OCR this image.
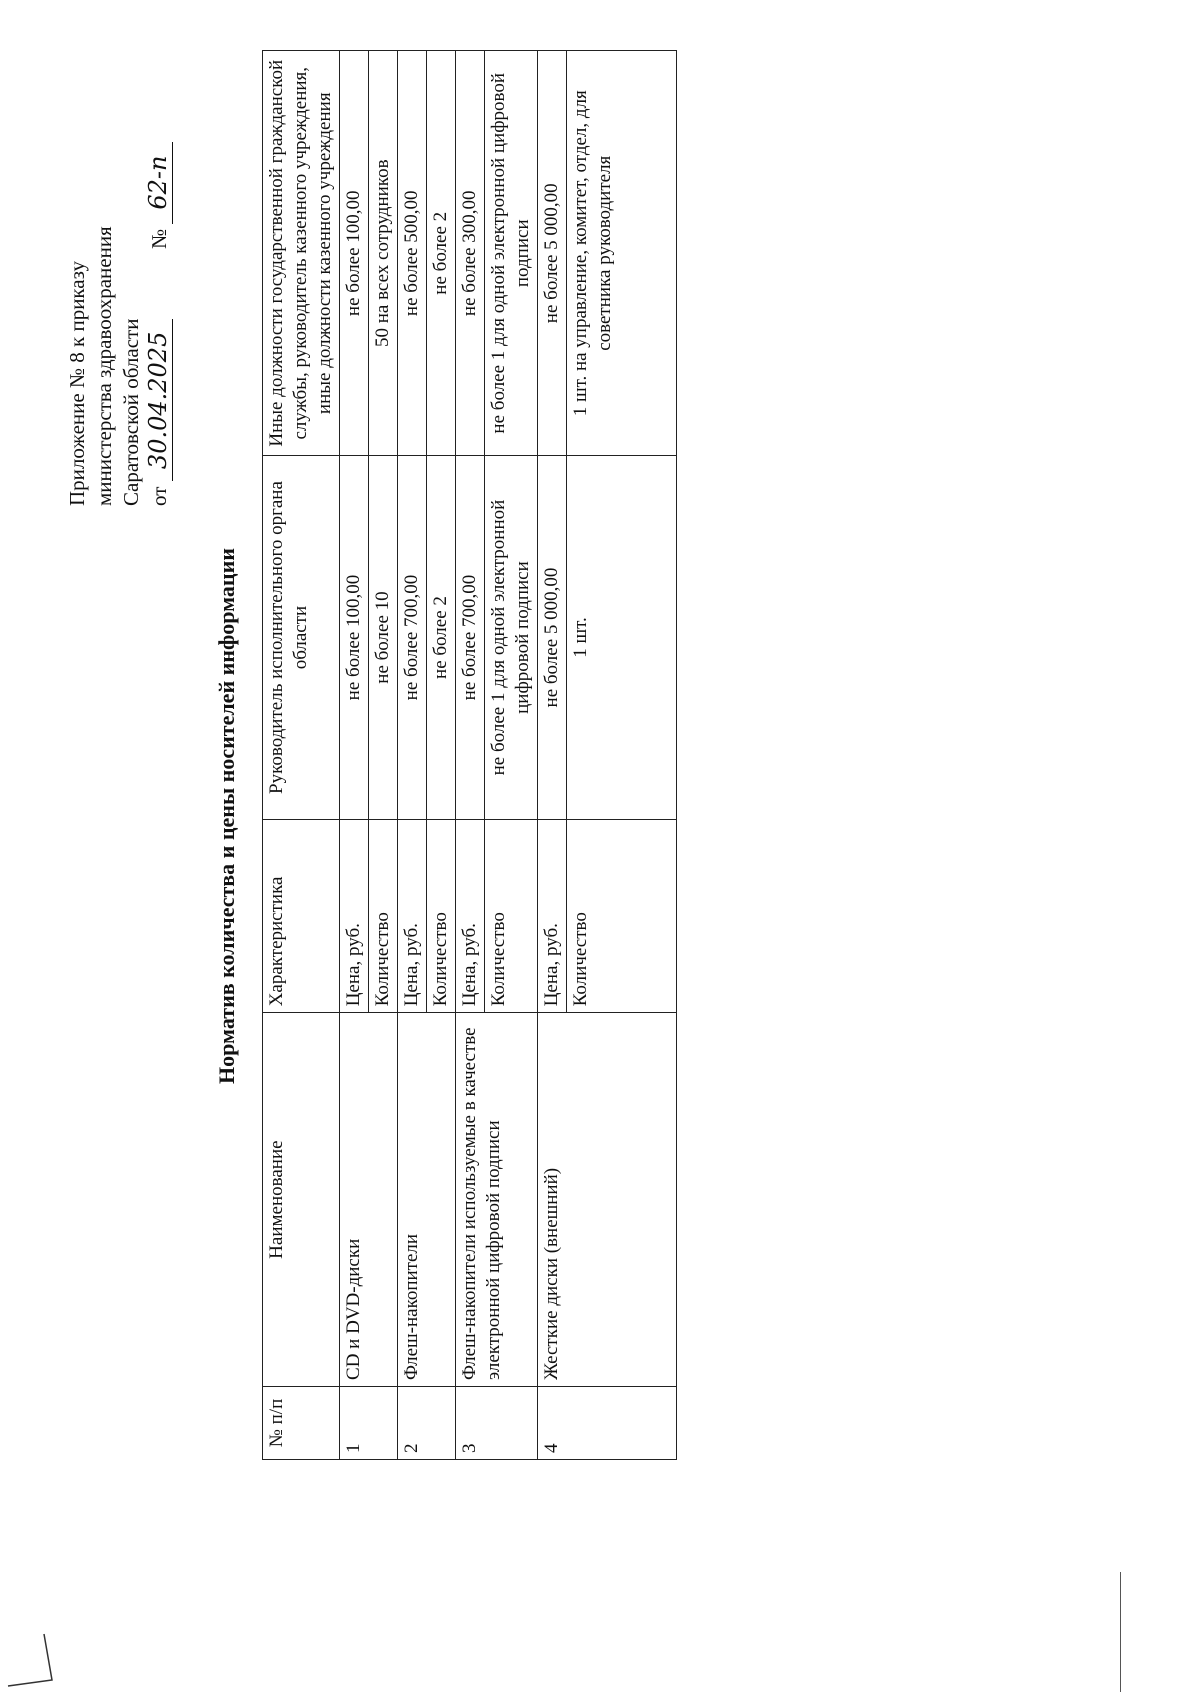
Приложение № 8 к приказу министерства здравоохранения Саратовской области от 30.04.2025  № 62-п
Норматив количества и цены носителей информации
№ п/п	Наименование	Характеристика	Руководитель исполнительного органа области	Иные должности государственной гражданской службы, руководитель казенного учреждения, иные должности казенного учреждения
1	CD и DVD-диски	Цена, руб.	не более 100,00	не более 100,00
		Количество	не более 10	50 на всех сотрудников
2	Флеш-накопители	Цена, руб.	не более 700,00	не более 500,00
		Количество	не более 2	не более 2
3	Флеш-накопители используемые в качестве электронной цифровой подписи	Цена, руб.	не более 700,00	не более 300,00
		Количество	не более 1 для одной электронной цифровой подписи	не более 1 для одной электронной цифровой подписи
4	Жесткие диски (внешний)	Цена, руб.	не более 5 000,00	не более 5 000,00
		Количество	1 шт.	1 шт. на управление, комитет, отдел, для советника руководителя
